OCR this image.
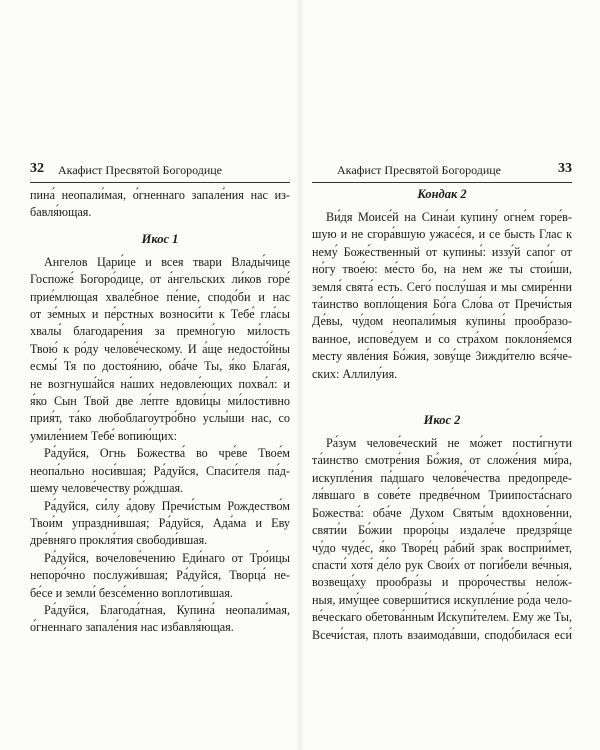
32 Акафист Пресвятой Богородице
пина́ неопали́мая, о́гненнаго запале́ния нас из-
бавля́ющая.
Икос 1
Ангелов Цари́це и всея твари Влады́чице
Госпоже́ Богоро́дице, от а́нгельских ли́ков горе́
прие́млющая хвале́бное пе́ние, сподо́би и нас
от зе́мных и пе́рстных возноси́ти к Тебе́ гла́сы
хвалы́ благодаре́ния за премно́гую ми́лость
Твою́ к ро́ду челове́ческому. И а́ще недосто́йны
есмы́ Тя по достоя́нию, оба́че Ты, я́ко Блага́я,
не возгнуша́йся на́ших недовле́ющих похва́л: и
я́ко Сын Твой две ле́пте вдови́цы ми́лостивно
прия́т, та́ко любоблагоутро́бно услы́ши нас, со
умиле́нием Тебе́ вопию́щих:
Ра́дуйся, Огнь Божества́ во чре́ве Твое́м
неопа́льно носи́вшая; Ра́дуйся, Спаси́теля па́д-
шему челове́честву ро́ждшая.
Ра́дуйся, си́лу а́дову Пречи́стым Рождество́м
Твои́м упраздни́вшая; Ра́дуйся, Ада́ма и Еву
дре́вняго прокля́тия свободи́вшая.
Ра́дуйся, вочелове́чению Еди́наго от Тро́ицы
непоро́чно послужи́вшая; Ра́дуйся, Творца́ не-
бе́се и земли́ безсе́менно воплоти́вшая.
Ра́дуйся, Благода́тная, Купина́ неопали́мая,
о́гненнаго запале́ния нас избавля́ющая.
Акафист Пресвятой Богородице	33
Кондак 2
Ви́дя Моисе́й на Сина́и купину́ огне́м горе́в-
шую и не сгора́вшую ужасе́ся, и се бысть Глас к
нему́ Боже́ственный от купины́: иззу́й сапо́г от
но́гу твое́ю: ме́сто бо, на нем же ты стои́ши,
земля́ свята́ есть. Сего́ послу́шая и мы смире́нни
та́инство вопло́щения Бо́га Сло́ва от Пречи́стыя
Де́вы, чу́дом неопали́мыя купины́ прообразо-
ванное, испове́дуем и со стра́хом поклоня́емся
месту явле́ния Бо́жия, зову́ще Зижди́телю вся́че-
ских: Аллилу́ия.
Икос 2
Ра́зум челове́ческий не мо́жет пости́гнути
та́инство смотре́ния Бо́жия, от сложе́ния ми́ра,
искупле́ния па́дшаго челове́чества предопреде-
ля́вшаго в сове́те предве́чном Триипоста́снаго
Божества́: оба́че Духом Святы́м вдохнове́нни,
святи́и Бо́жии проро́цы издале́че предзря́ще
чу́до чуде́с, я́ко Творе́ц ра́бий зрак восприи́мет,
спасти́ хотя́ де́ло рук Свои́х от поги́бели ве́чныя,
возвеща́ху прообра́зы и проро́чествы нело́ж-
ныя, иму́щее соверши́тися искупле́ние ро́да чело-
ве́ческаго обетова́нным Искупи́телем. Ему же Ты,
Всечи́стая, плоть взаимода́вши, сподо́билася еси́
